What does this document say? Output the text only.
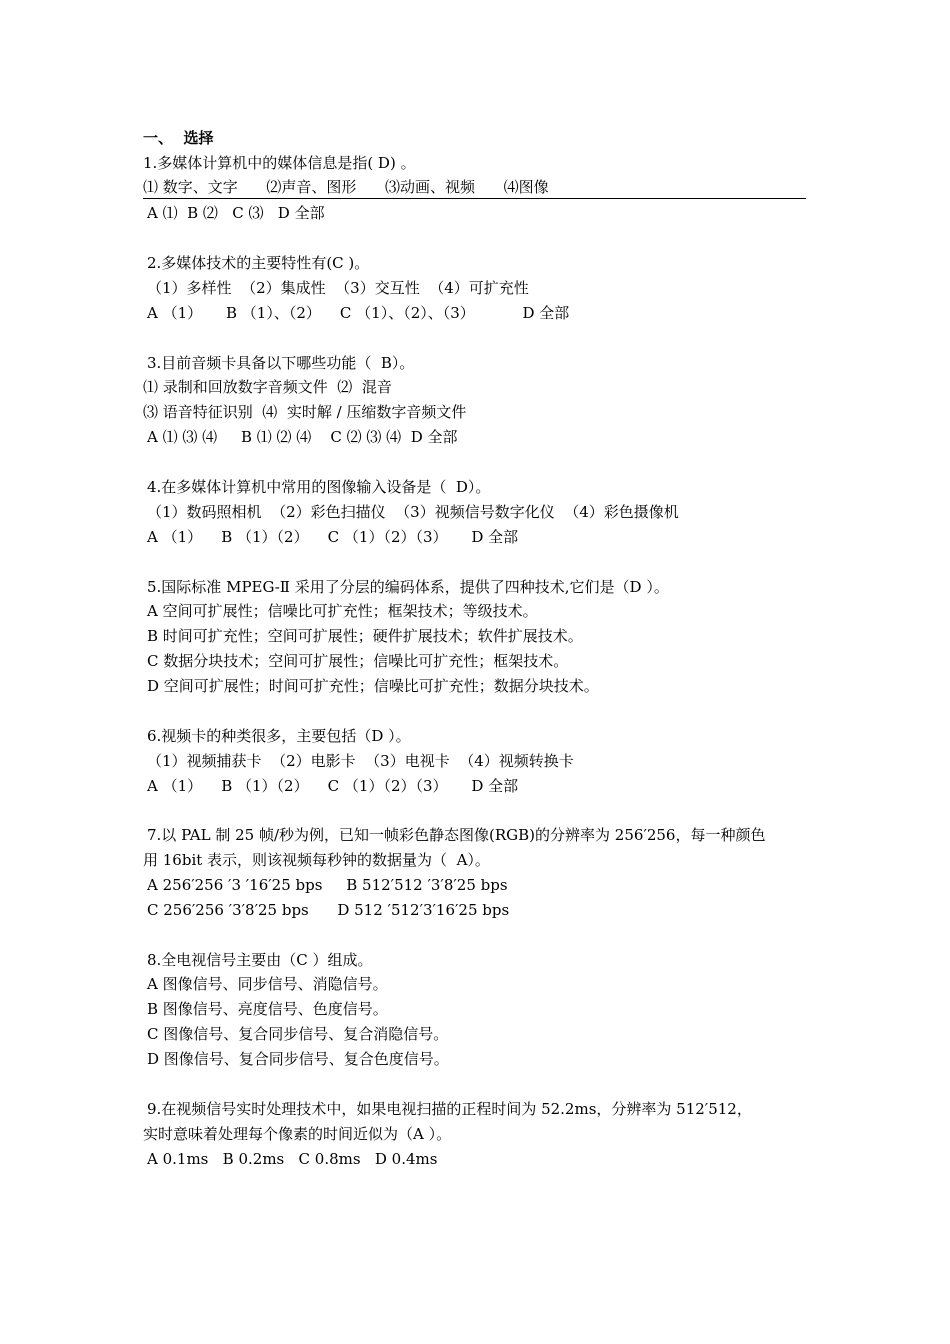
一、  选择
1.多媒体计算机中的媒体信息是指( D) 。
⑴ 数字、文字      ⑵声音、图形      ⑶动画、视频      ⑷图像
A ⑴  B ⑵   C ⑶   D 全部
2.多媒体技术的主要特性有(C )。
（1）多样性  （2）集成性  （3）交互性  （4）可扩充性
A （1）     B （1）、（2）    C （1）、（2）、（3）          D 全部
3.目前音频卡具备以下哪些功能（  B）。
⑴ 录制和回放数字音频文件  ⑵  混音
⑶ 语音特征识别  ⑷  实时解 / 压缩数字音频文件
A ⑴ ⑶ ⑷     B ⑴ ⑵ ⑷    C ⑵ ⑶ ⑷  D 全部
4.在多媒体计算机中常用的图像输入设备是（  D）。
（1）数码照相机  （2）彩色扫描仪  （3）视频信号数字化仪  （4）彩色摄像机
A （1）    B （1）（2）    C （1）（2）（3）     D 全部
5.国际标准 MPEG-Ⅱ 采用了分层的编码体系，提供了四种技术,它们是（D ）。
A 空间可扩展性；信噪比可扩充性；框架技术；等级技术。
B 时间可扩充性；空间可扩展性；硬件扩展技术；软件扩展技术。
C 数据分块技术；空间可扩展性；信噪比可扩充性；框架技术。
D 空间可扩展性；时间可扩充性；信噪比可扩充性；数据分块技术。
6.视频卡的种类很多，主要包括（D ）。
（1）视频捕获卡  （2）电影卡  （3）电视卡  （4）视频转换卡
A （1）    B （1）（2）    C （1）（2）（3）     D 全部
7.以 PAL 制 25 帧/秒为例，已知一帧彩色静态图像(RGB)的分辨率为 256′256，每一种颜色
用 16bit 表示，则该视频每秒钟的数据量为（  A）。
A 256′256 ′3 ′16′25 bps     B 512′512 ′3′8′25 bps
C 256′256 ′3′8′25 bps      D 512 ′512′3′16′25 bps
8.全电视信号主要由（C ）组成。
A 图像信号、同步信号、消隐信号。
B 图像信号、亮度信号、色度信号。
C 图像信号、复合同步信号、复合消隐信号。
D 图像信号、复合同步信号、复合色度信号。
9.在视频信号实时处理技术中，如果电视扫描的正程时间为 52.2ms，分辨率为 512′512，
实时意味着处理每个像素的时间近似为（A ）。
A 0.1ms   B 0.2ms   C 0.8ms   D 0.4ms
